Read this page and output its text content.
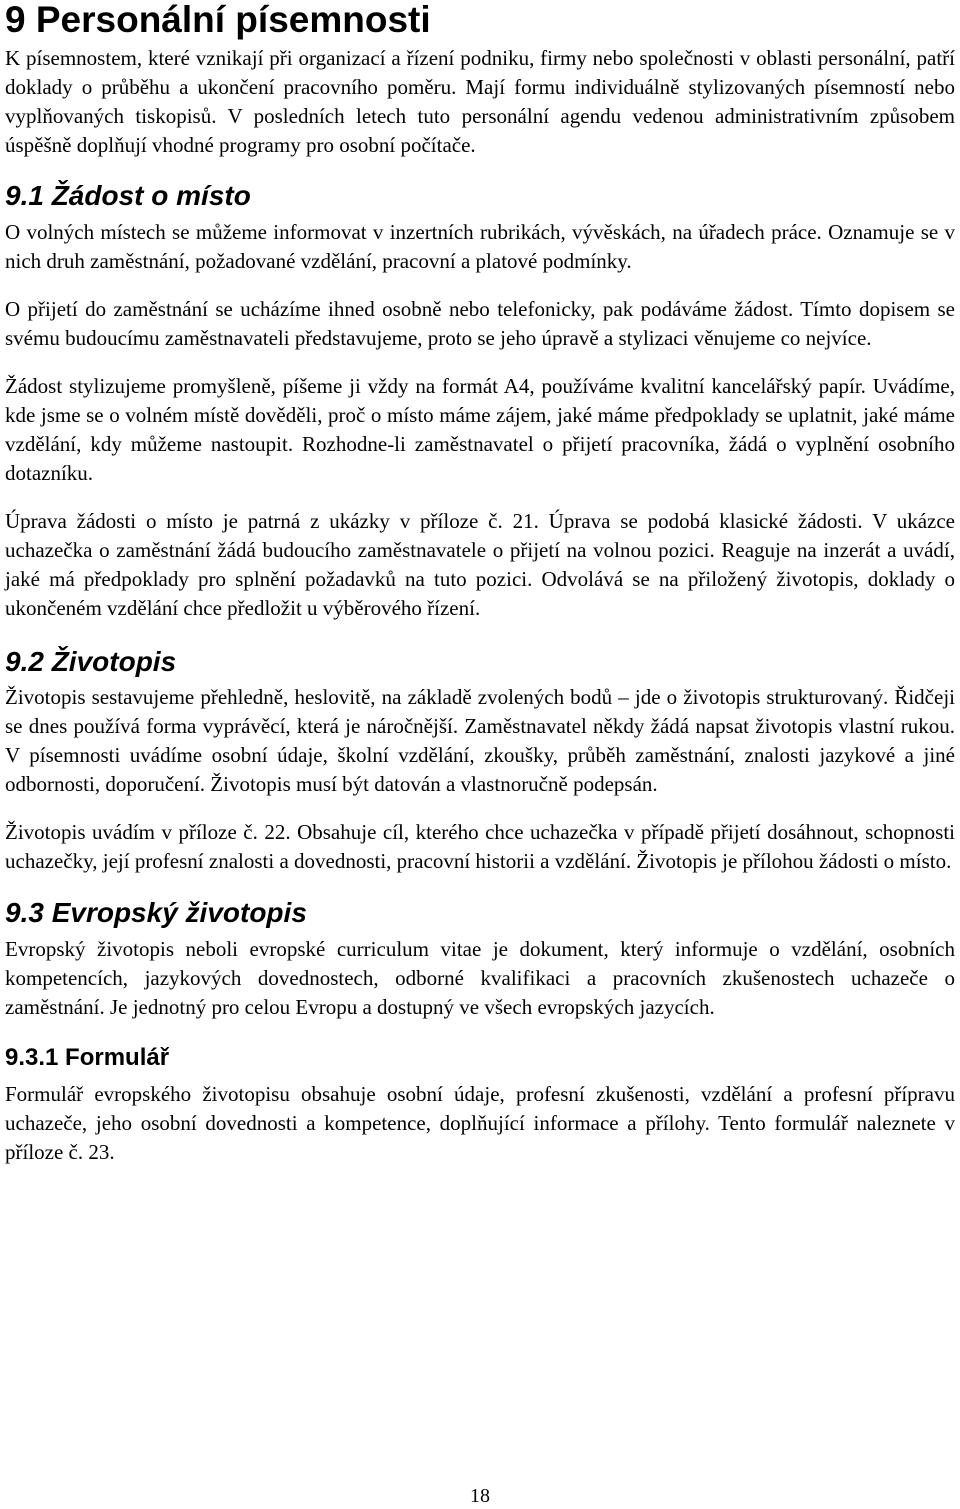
9 Personální písemnosti

K písemnostem, které vznikají při organizací a řízení podniku, firmy nebo společnosti v oblasti personální, patří doklady o průběhu a ukončení pracovního poměru. Mají formu individuálně stylizovaných písemností nebo vyplňovaných tiskopisů. V posledních letech tuto personální agendu vedenou administrativním způsobem úspěšně doplňují vhodné programy pro osobní počítače.

9.1 Žádost o místo

O volných místech se můžeme informovat v inzertních rubrikách, vývěskách, na úřadech práce. Oznamuje se v nich druh zaměstnání, požadované vzdělání, pracovní a platové podmínky.

O přijetí do zaměstnání se ucházíme ihned osobně nebo telefonicky, pak podáváme žádost. Tímto dopisem se svému budoucímu zaměstnavateli představujeme, proto se jeho úpravě a stylizaci věnujeme co nejvíce.

Žádost stylizujeme promyšleně, píšeme ji vždy na formát A4, používáme kvalitní kancelářský papír. Uvádíme, kde jsme se o volném místě dověděli, proč o místo máme zájem, jaké máme předpoklady se uplatnit, jaké máme vzdělání, kdy můžeme nastoupit. Rozhodne-li zaměstnavatel o přijetí pracovníka, žádá o vyplnění osobního dotazníku.

Úprava žádosti o místo je patrná z ukázky v příloze č. 21. Úprava se podobá klasické žádosti. V ukázce uchazečka o zaměstnání žádá budoucího zaměstnavatele o přijetí na volnou pozici. Reaguje na inzerát a uvádí, jaké má předpoklady pro splnění požadavků na tuto pozici. Odvolává se na přiložený životopis, doklady o ukončeném vzdělání chce předložit u výběrového řízení.

9.2 Životopis

Životopis sestavujeme přehledně, heslovitě, na základě zvolených bodů – jde o životopis strukturovaný. Řidčeji se dnes používá forma vyprávěcí, která je náročnější. Zaměstnavatel někdy žádá napsat životopis vlastní rukou. V písemnosti uvádíme osobní údaje, školní vzdělání, zkoušky, průběh zaměstnání, znalosti jazykové a jiné odbornosti, doporučení. Životopis musí být datován a vlastnoručně podepsán.

Životopis uvádím v příloze č. 22. Obsahuje cíl, kterého chce uchazečka v případě přijetí dosáhnout, schopnosti uchazečky, její profesní znalosti a dovednosti, pracovní historii a vzdělání. Životopis je přílohou žádosti o místo.

9.3 Evropský životopis

Evropský životopis neboli evropské curriculum vitae je dokument, který informuje o vzdělání, osobních kompetencích, jazykových dovednostech, odborné kvalifikaci a pracovních zkušenostech uchazeče o zaměstnání. Je jednotný pro celou Evropu a dostupný ve všech evropských jazycích.

9.3.1 Formulář

Formulář evropského životopisu obsahuje osobní údaje, profesní zkušenosti, vzdělání a profesní přípravu uchazeče, jeho osobní dovednosti a kompetence, doplňující informace a přílohy. Tento formulář naleznete v příloze č. 23.

18
